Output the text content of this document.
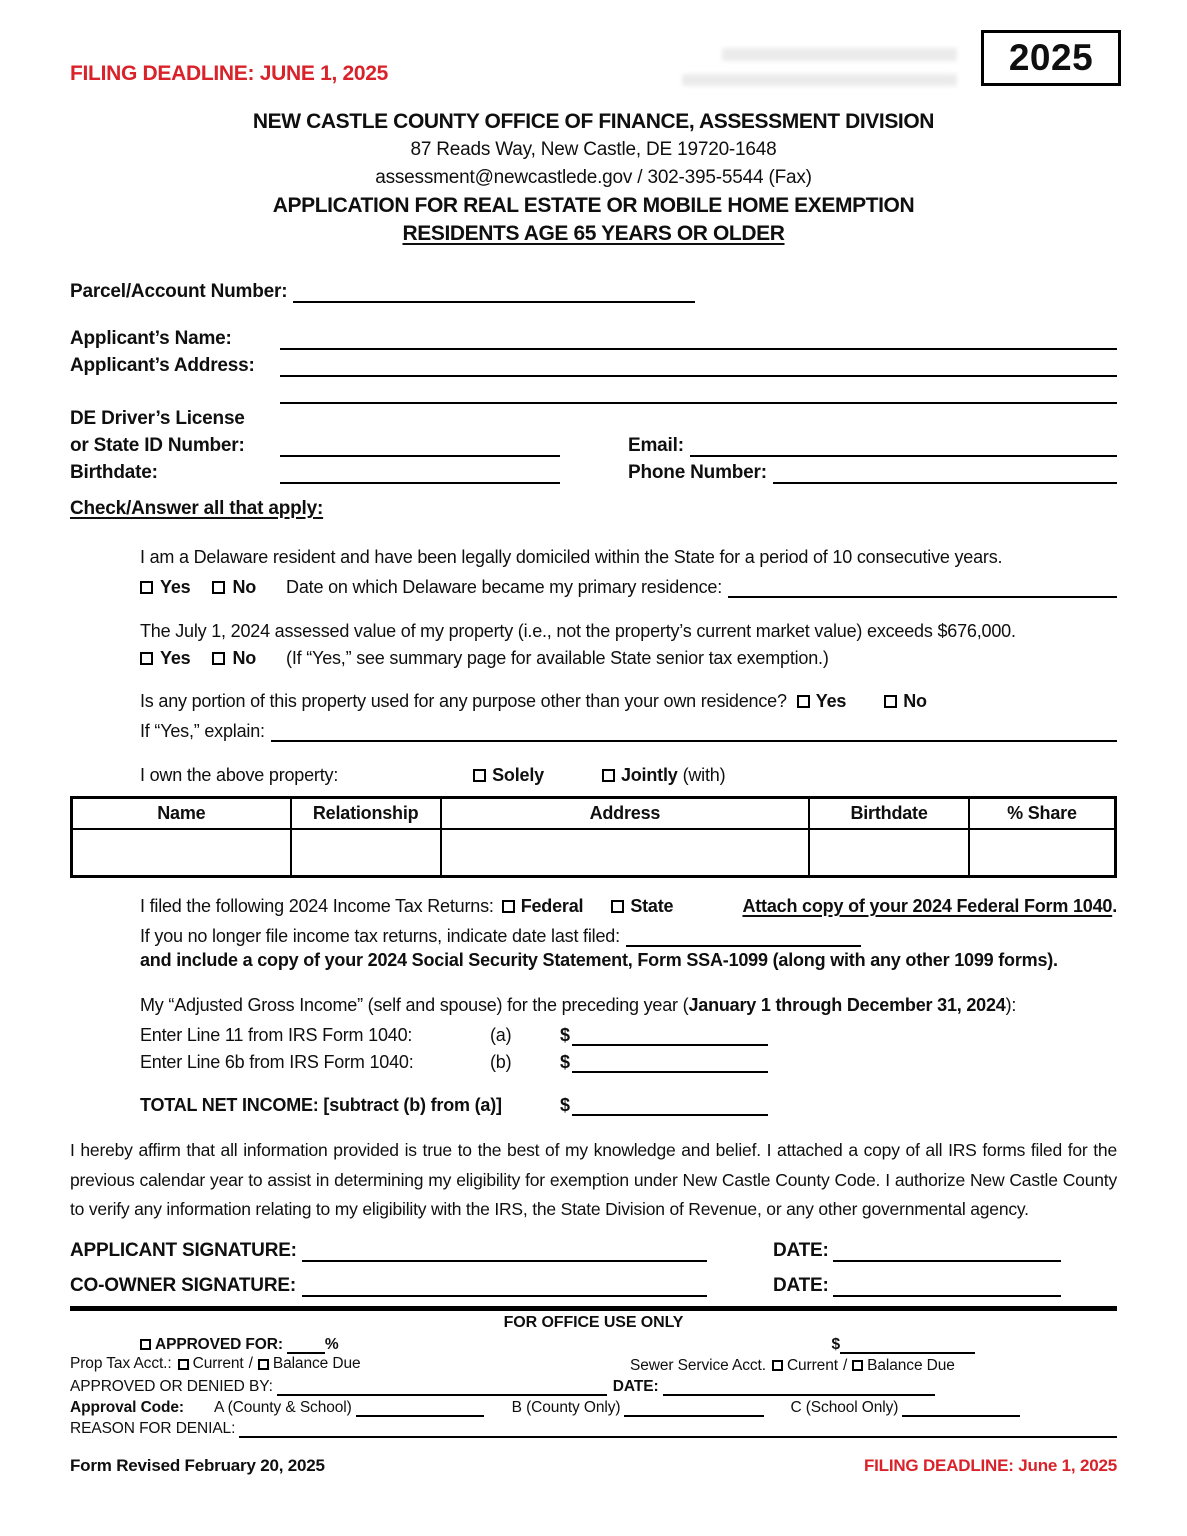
FILING DEADLINE: JUNE 1, 2025	2025
NEW CASTLE COUNTY OFFICE OF FINANCE, ASSESSMENT DIVISION
87 Reads Way, New Castle, DE 19720-1648
assessment@newcastlede.gov / 302-395-5544 (Fax)
APPLICATION FOR REAL ESTATE OR MOBILE HOME EXEMPTION
RESIDENTS AGE 65 YEARS OR OLDER
Parcel/Account Number:
Applicant’s Name:
Applicant’s Address:
DE Driver’s License
or State ID Number:	Email:
Birthdate:	Phone Number:
Check/Answer all that apply:
I am a Delaware resident and have been legally domiciled within the State for a period of 10 consecutive years.
Yes No Date on which Delaware became my primary residence:
The July 1, 2024 assessed value of my property (i.e., not the property’s current market value) exceeds $676,000.
Yes No (If “Yes,” see summary page for available State senior tax exemption.)
Is any portion of this property used for any purpose other than your own residence? Yes	No
If “Yes,” explain:
I own the above property:	Solely	Jointly (with)
Name	Relationship	Address	Birthdate	% Share

I filed the following 2024 Income Tax Returns: Federal	State	Attach copy of your 2024 Federal Form 1040 .
If you no longer file income tax returns, indicate date last filed:
and include a copy of your 2024 Social Security Statement, Form SSA-1099 (along with any other 1099 forms).
My “Adjusted Gross Income” (self and spouse) for the preceding year (January 1 through December 31, 2024):
Enter Line 11 from IRS Form 1040:	(a)	$
Enter Line 6b from IRS Form 1040:	(b)	$
TOTAL NET INCOME: [subtract (b) from (a)]	$

I hereby affirm that all information provided is true to the best of my knowledge and belief. I attached a copy of all IRS forms filed for the previous calendar year to assist in determining my eligibility for exemption under New Castle County Code. I authorize New Castle County to verify any information relating to my eligibility with the IRS, the State Division of Revenue, or any other governmental agency.

APPLICANT SIGNATURE:	DATE:
CO-OWNER SIGNATURE:	DATE:
FOR OFFICE USE ONLY
APPROVED FOR:	%	$
Prop Tax Acct.: Current / Balance Due	Sewer Service Acct. Current / Balance Due
APPROVED OR DENIED BY:	DATE:
Approval Code: A (County & School)	B (County Only)	C (School Only)
REASON FOR DENIAL:
Form Revised February 20, 2025	FILING DEADLINE: June 1, 2025
